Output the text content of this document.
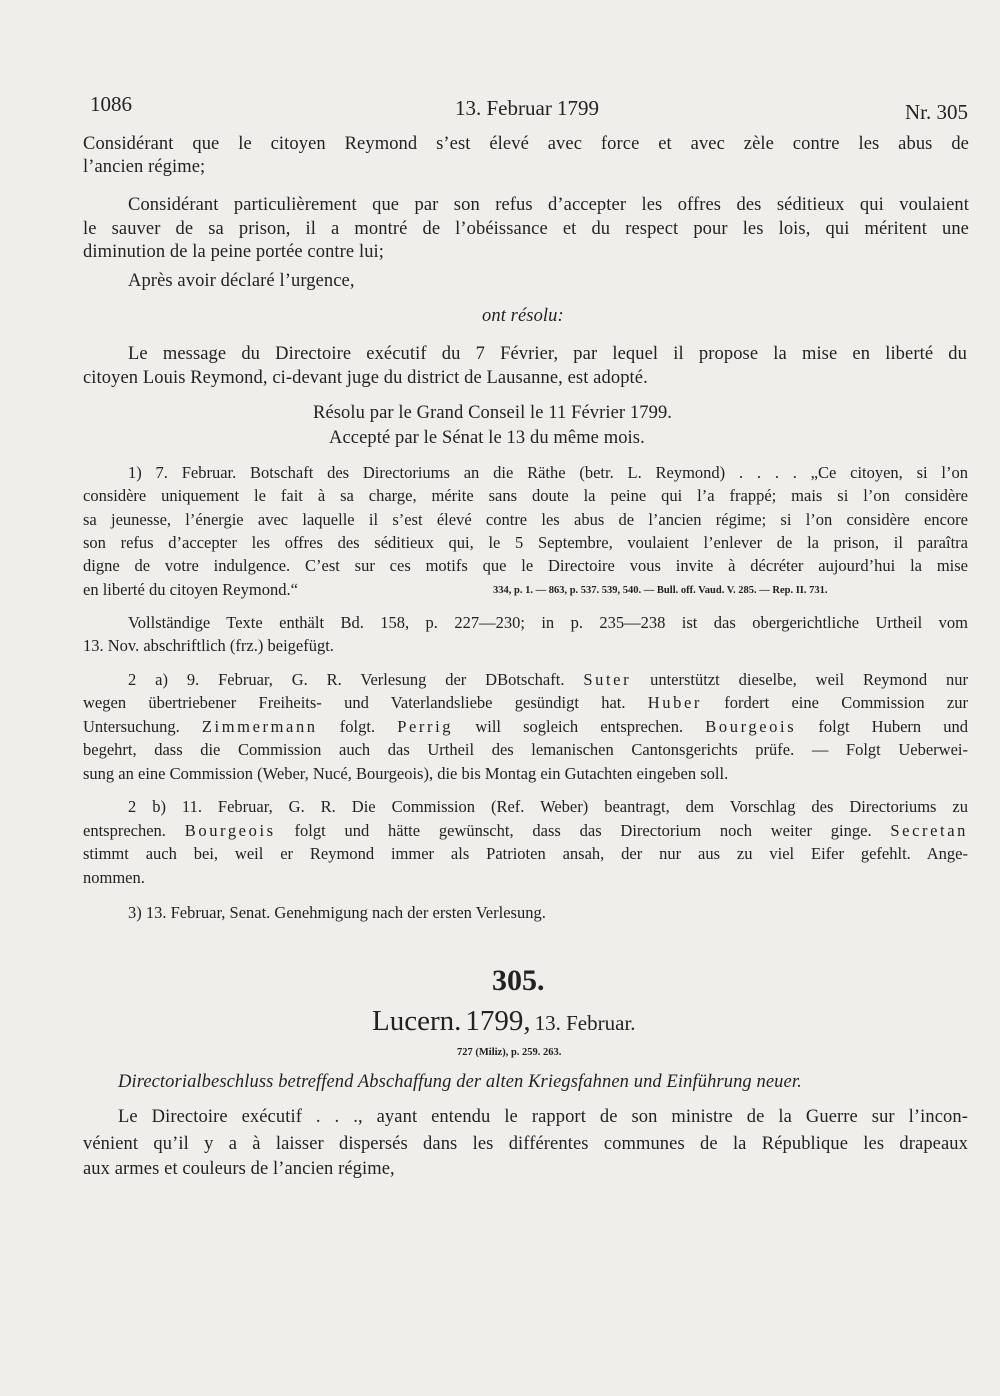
1086	13. Februar 1799	Nr. 305
Considérant que le citoyen Reymond s’est élevé avec force et avec zèle contre les abus de
l’ancien régime;
Considérant particulièrement que par son refus d’accepter les offres des séditieux qui voulaient
le sauver de sa prison, il a montré de l’obéissance et du respect pour les lois, qui méritent une
diminution de la peine portée contre lui;
Après avoir déclaré l’urgence,
ont résolu:
Le message du Directoire exécutif du 7 Février, par lequel il propose la mise en liberté du
citoyen Louis Reymond, ci-devant juge du district de Lausanne, est adopté.
Résolu par le Grand Conseil le 11 Février 1799.
Accepté par le Sénat le 13 du même mois.
1) 7. Februar. Botschaft des Directoriums an die Räthe (betr. L. Reymond) . . . . „Ce citoyen, si l’on
considère uniquement le fait à sa charge, mérite sans doute la peine qui l’a frappé; mais si l’on considère
sa jeunesse, l’énergie avec laquelle il s’est élevé contre les abus de l’ancien régime; si l’on considère encore
son refus d’accepter les offres des séditieux qui, le 5 Septembre, voulaient l’enlever de la prison, il paraîtra
digne de votre indulgence. C’est sur ces motifs que le Directoire vous invite à décréter aujourd’hui la mise
en liberté du citoyen Reymond.“	334, p. 1. — 863, p. 537. 539, 540. — Bull. off. Vaud. V. 285. — Rep. II. 731.
Vollständige Texte enthält Bd. 158, p. 227—230; in p. 235—238 ist das obergerichtliche Urtheil vom
13. Nov. abschriftlich (frz.) beigefügt.
2 a) 9. Februar, G. R. Verlesung der DBotschaft. Suter unterstützt dieselbe, weil Reymond nur
wegen übertriebener Freiheits- und Vaterlandsliebe gesündigt hat. Huber fordert eine Commission zur
Untersuchung. Zimmermann folgt. Perrig will sogleich entsprechen. Bourgeois folgt Hubern und
begehrt, dass die Commission auch das Urtheil des lemanischen Cantonsgerichts prüfe. — Folgt Ueberwei-
sung an eine Commission (Weber, Nucé, Bourgeois), die bis Montag ein Gutachten eingeben soll.
2 b) 11. Februar, G. R. Die Commission (Ref. Weber) beantragt, dem Vorschlag des Directoriums zu
entsprechen. Bourgeois folgt und hätte gewünscht, dass das Directorium noch weiter ginge. Secretan
stimmt auch bei, weil er Reymond immer als Patrioten ansah, der nur aus zu viel Eifer gefehlt. Ange-
nommen.
3) 13. Februar, Senat. Genehmigung nach der ersten Verlesung.
305.
Lucern. 1799, 13. Februar.
727 (Miliz), p. 259. 263.
Directorialbeschluss betreffend Abschaffung der alten Kriegsfahnen und Einführung neuer.
Le Directoire exécutif . . ., ayant entendu le rapport de son ministre de la Guerre sur l’incon-
vénient qu’il y a à laisser dispersés dans les différentes communes de la République les drapeaux
aux armes et couleurs de l’ancien régime,
